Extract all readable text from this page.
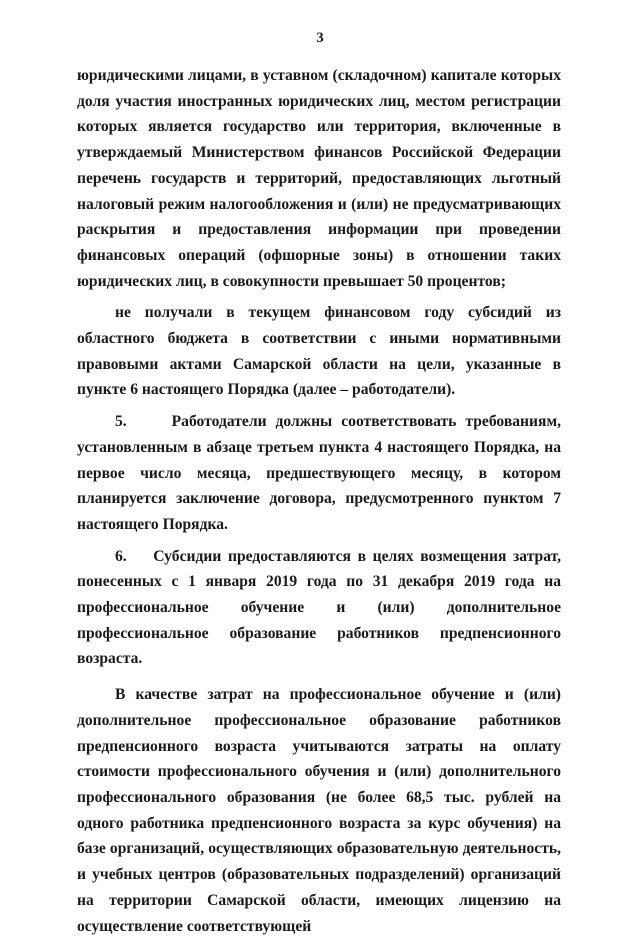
3

юридическими лицами, в уставном (складочном) капитале которых доля участия иностранных юридических лиц, местом регистрации которых является государство или территория, включенные в утверждаемый Министерством финансов Российской Федерации перечень государств и территорий, предоставляющих льготный налоговый режим налогообложения и (или) не предусматривающих раскрытия и предоставления информации при проведении финансовых операций (офшорные зоны) в отношении таких юридических лиц, в совокупности превышает 50 процентов;

не получали в текущем финансовом году субсидий из областного бюджета в соответствии с иными нормативными правовыми актами Самарской области на цели, указанные в пункте 6 настоящего Порядка (далее – работодатели).

5.     Работодатели должны соответствовать требованиям, установленным в абзаце третьем пункта 4 настоящего Порядка, на первое число месяца, предшествующего месяцу, в котором планируется заключение договора, предусмотренного пунктом 7 настоящего Порядка.

6.    Субсидии предоставляются в целях возмещения затрат, понесенных с 1 января 2019 года по 31 декабря 2019 года на профессиональное обучение и (или) дополнительное профессиональное образование работников предпенсионного возраста.

В качестве затрат на профессиональное обучение и (или) дополнительное профессиональное образование работников предпенсионного возраста учитываются затраты на оплату стоимости профессионального обучения и (или) дополнительного профессионального образования (не более 68,5 тыс. рублей на одного работника предпенсионного возраста за курс обучения) на базе организаций, осуществляющих образовательную деятельность, и учебных центров (образовательных подразделений) организаций на территории Самарской области, имеющих лицензию на осуществление соответствующей
